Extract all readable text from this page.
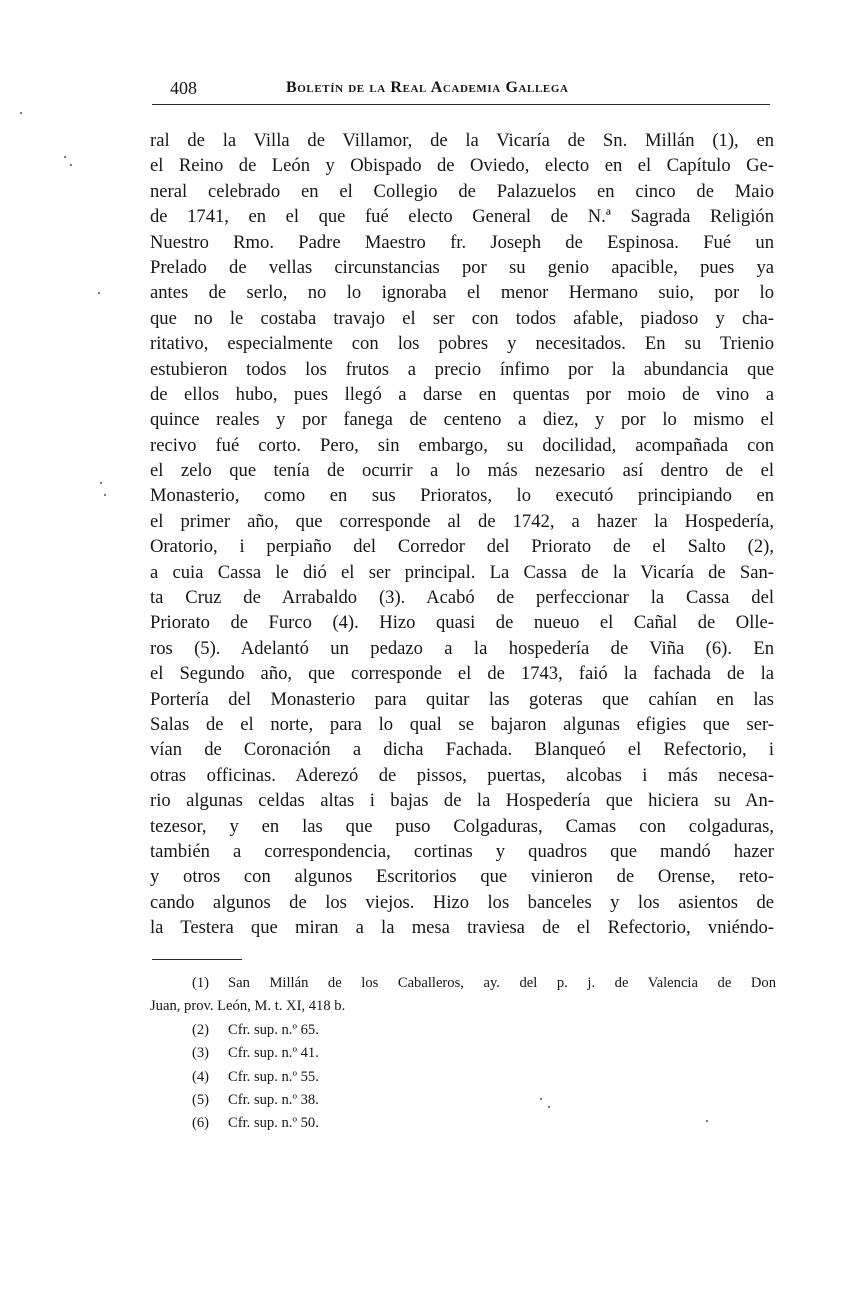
408	Boletín de la Real Academia Gallega
ral de la Villa de Villamor, de la Vicaría de Sn. Millán (1), en
el Reino de León y Obispado de Oviedo, electo en el Capítulo Ge-
neral celebrado en el Collegio de Palazuelos en cinco de Maio
de 1741, en el que fué electo General de N.ª Sagrada Religión
Nuestro Rmo. Padre Maestro fr. Joseph de Espinosa. Fué un
Prelado de vellas circunstancias por su genio apacible, pues ya
antes de serlo, no lo ignoraba el menor Hermano suio, por lo
que no le costaba travajo el ser con todos afable, piadoso y cha-
ritativo, especialmente con los pobres y necesitados. En su Trienio
estubieron todos los frutos a precio ínfimo por la abundancia que
de ellos hubo, pues llegó a darse en quentas por moio de vino a
quince reales y por fanega de centeno a diez, y por lo mismo el
recivo fué corto. Pero, sin embargo, su docilidad, acompañada con
el zelo que tenía de ocurrir a lo más nezesario así dentro de el
Monasterio, como en sus Prioratos, lo executó principiando en
el primer año, que corresponde al de 1742, a hazer la Hospedería,
Oratorio, i perpiaño del Corredor del Priorato de el Salto (2),
a cuia Cassa le dió el ser principal. La Cassa de la Vicaría de San-
ta Cruz de Arrabaldo (3). Acabó de perfeccionar la Cassa del
Priorato de Furco (4). Hizo quasi de nueuo el Cañal de Olle-
ros (5). Adelantó un pedazo a la hospedería de Viña (6). En
el Segundo año, que corresponde el de 1743, faió la fachada de la
Portería del Monasterio para quitar las goteras que cahían en las
Salas de el norte, para lo qual se bajaron algunas efigies que ser-
vían de Coronación a dicha Fachada. Blanqueó el Refectorio, i
otras officinas. Aderezó de pissos, puertas, alcobas i más necesa-
rio algunas celdas altas i bajas de la Hospedería que hiciera su An-
tezesor, y en las que puso Colgaduras, Camas con colgaduras,
también a correspondencia, cortinas y quadros que mandó hazer
y otros con algunos Escritorios que vinieron de Orense, reto-
cando algunos de los viejos. Hizo los banceles y los asientos de
la Testera que miran a la mesa traviesa de el Refectorio, vniéndo-
(1) San Millán de los Caballeros, ay. del p. j. de Valencia de Don
Juan, prov. León, M. t. XI, 418 b.
(2) Cfr. sup. n.º 65.
(3) Cfr. sup. n.º 41.
(4) Cfr. sup. n.º 55.
(5) Cfr. sup. n.º 38.
(6) Cfr. sup. n.º 50.
